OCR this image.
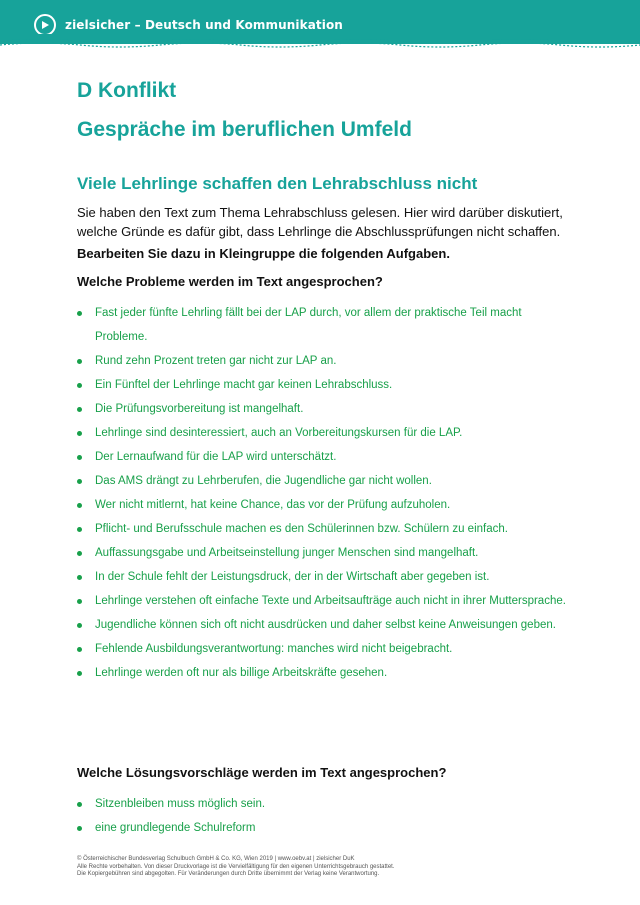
zielsicher – Deutsch und Kommunikation
D Konflikt
Gespräche im beruflichen Umfeld
Viele Lehrlinge schaffen den Lehrabschluss nicht
Sie haben den Text zum Thema Lehrabschluss gelesen. Hier wird darüber diskutiert, welche Gründe es dafür gibt, dass Lehrlinge die Abschlussprüfungen nicht schaffen.
Bearbeiten Sie dazu in Kleingruppe die folgenden Aufgaben.
Welche Probleme werden im Text angesprochen?
Fast jeder fünfte Lehrling fällt bei der LAP durch, vor allem der praktische Teil macht Probleme.
Rund zehn Prozent treten gar nicht zur LAP an.
Ein Fünftel der Lehrlinge macht gar keinen Lehrabschluss.
Die Prüfungsvorbereitung ist mangelhaft.
Lehrlinge sind desinteressiert, auch an Vorbereitungskursen für die LAP.
Der Lernaufwand für die LAP wird unterschätzt.
Das AMS drängt zu Lehrberufen, die Jugendliche gar nicht wollen.
Wer nicht mitlernt, hat keine Chance, das vor der Prüfung aufzuholen.
Pflicht- und Berufsschule machen es den Schülerinnen bzw. Schülern zu einfach.
Auffassungsgabe und Arbeitseinstellung junger Menschen sind mangelhaft.
In der Schule fehlt der Leistungsdruck, der in der Wirtschaft aber gegeben ist.
Lehrlinge verstehen oft einfache Texte und Arbeitsaufträge auch nicht in ihrer Muttersprache.
Jugendliche können sich oft nicht ausdrücken und daher selbst keine Anweisungen geben.
Fehlende Ausbildungsverantwortung: manches wird nicht beigebracht.
Lehrlinge werden oft nur als billige Arbeitskräfte gesehen.
Welche Lösungsvorschläge werden im Text angesprochen?
Sitzenbleiben muss möglich sein.
eine grundlegende Schulreform
© Österreichischer Bundesverlag Schulbuch GmbH & Co. KG, Wien 2019 | www.oebv.at | zielsicher DuK
Alle Rechte vorbehalten. Von dieser Druckvorlage ist die Vervielfältigung für den eigenen Unterrichtsgebrauch gestattet.
Die Kopiergebühren sind abgegolten. Für Veränderungen durch Dritte übernimmt der Verlag keine Verantwortung.
